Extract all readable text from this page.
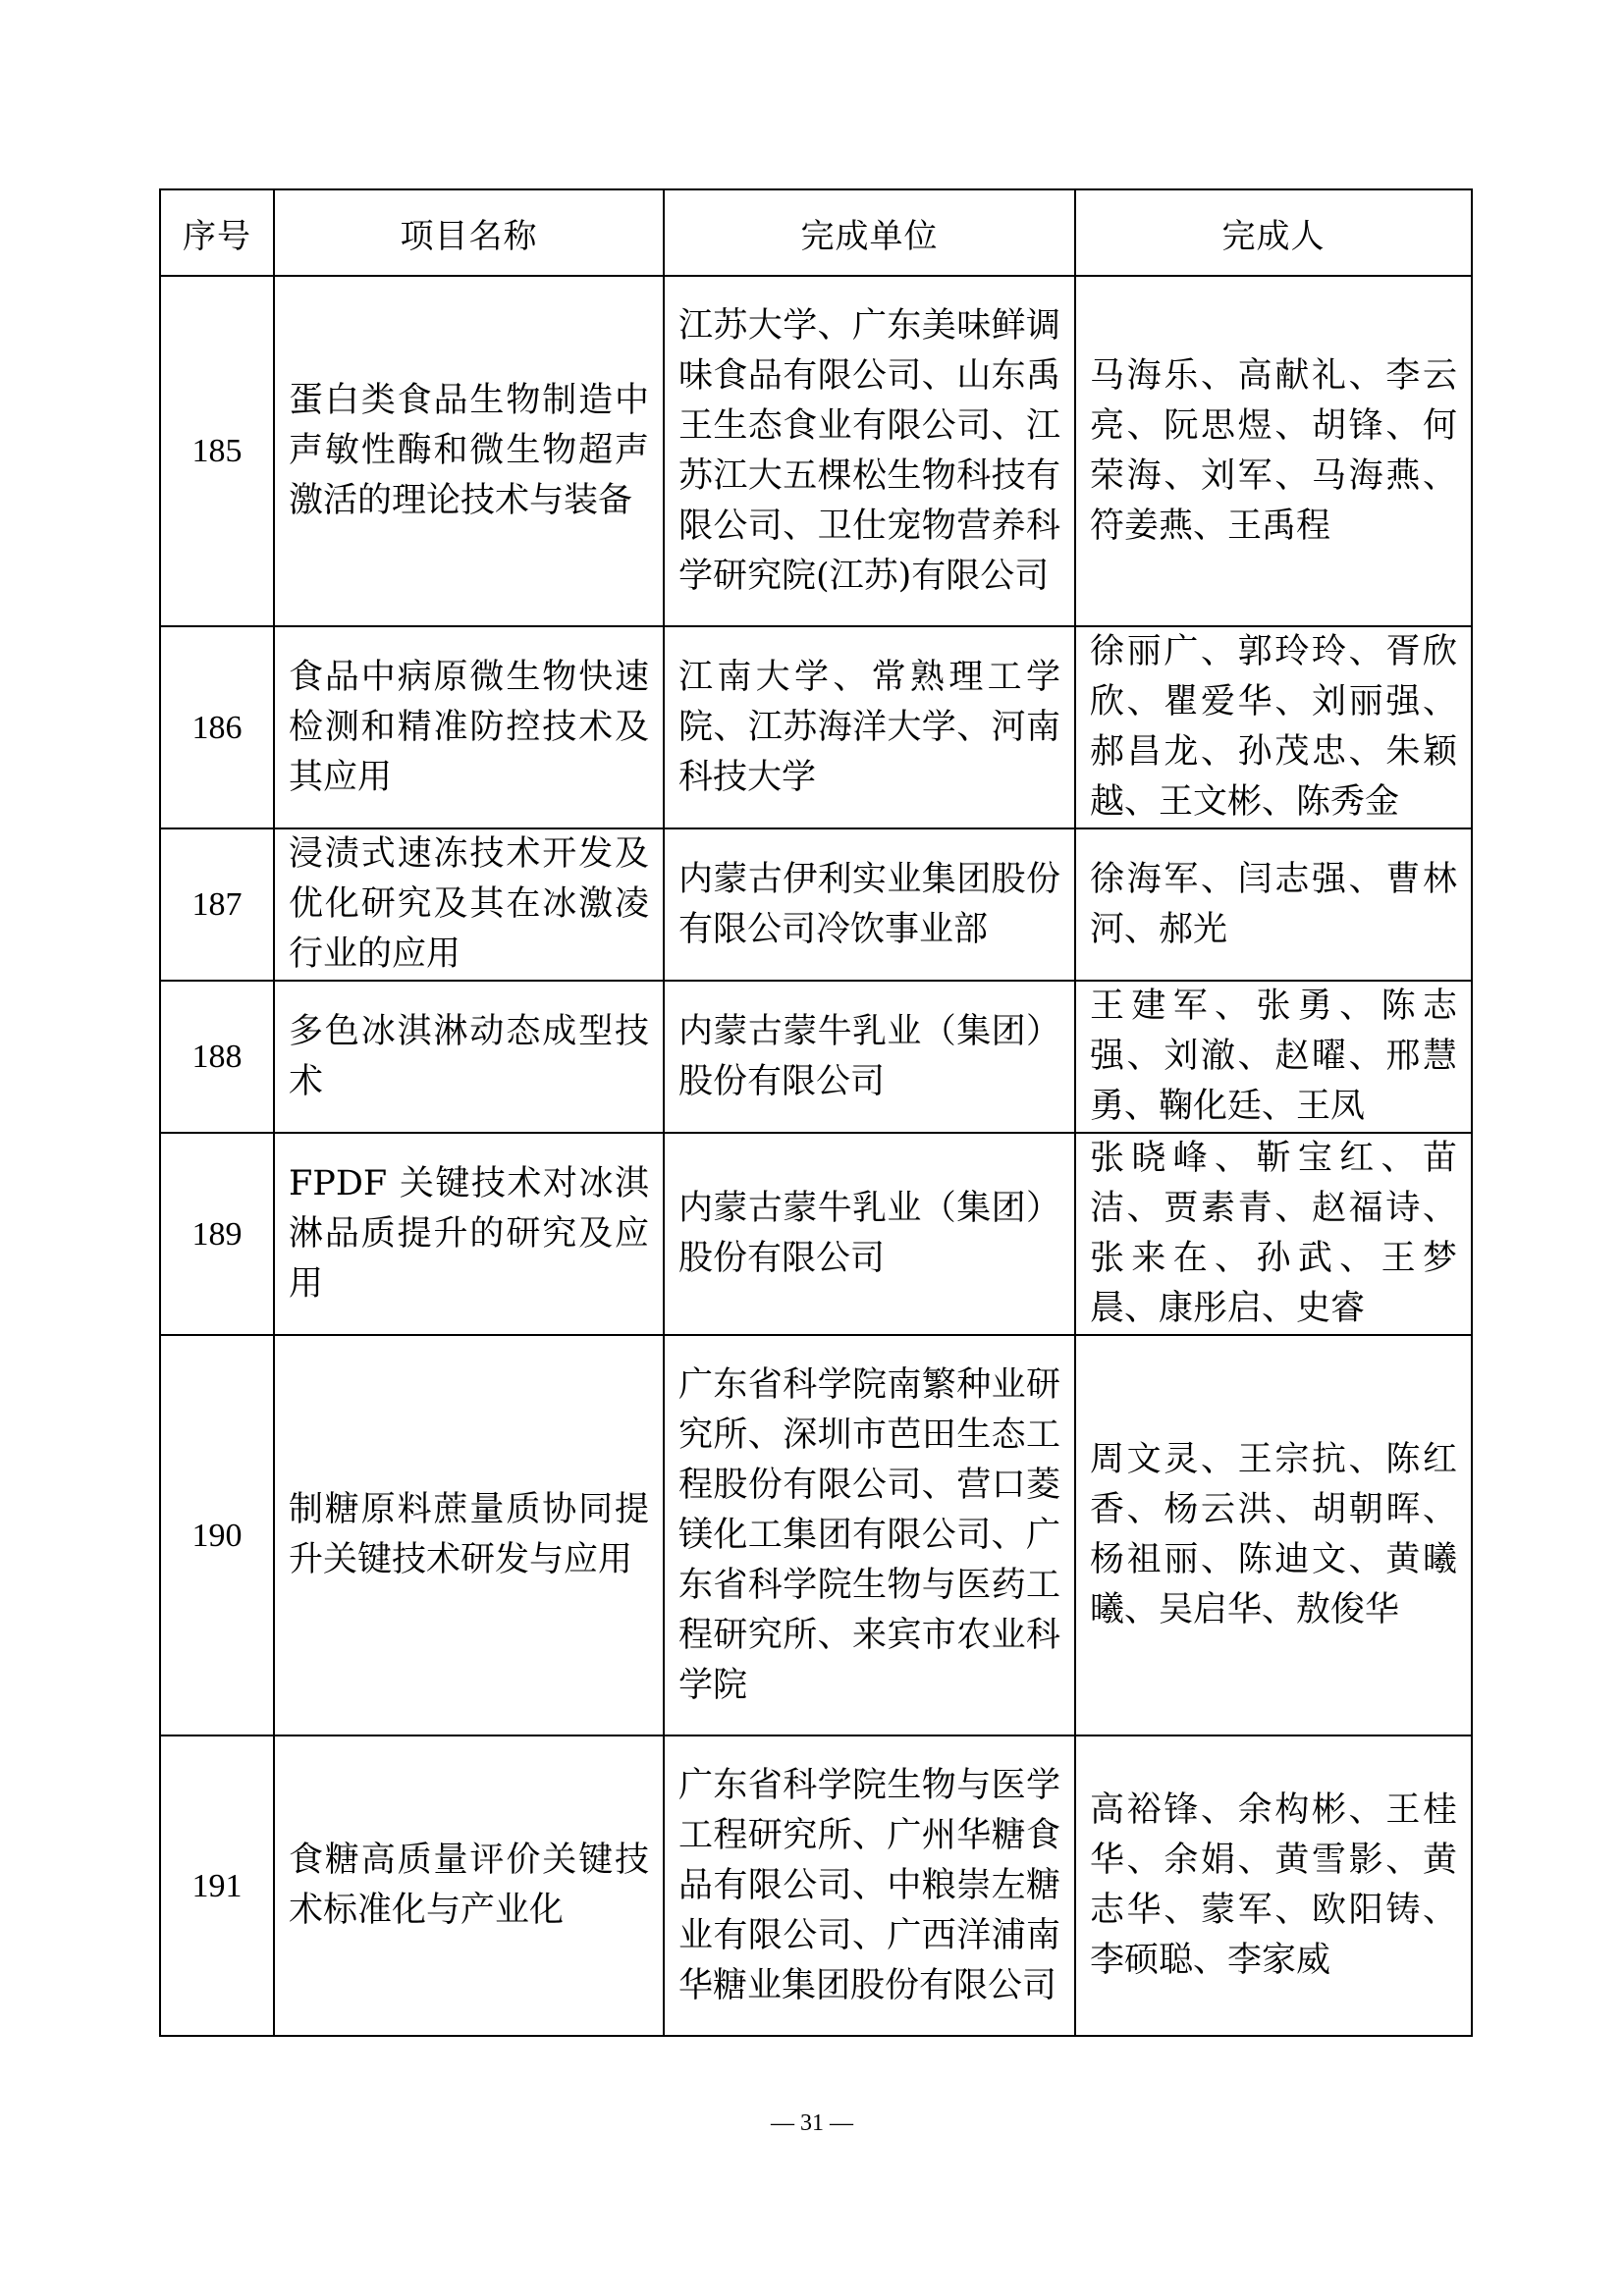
序号	项目名称	完成单位	完成人
185	蛋白类食品生物制造中声敏性酶和微生物超声激活的理论技术与装备	江苏大学、广东美味鲜调味食品有限公司、山东禹王生态食业有限公司、江苏江大五棵松生物科技有限公司、卫仕宠物营养科学研究院(江苏)有限公司	马海乐、高献礼、李云亮、阮思煜、胡锋、何荣海、刘军、马海燕、符姜燕、王禹程
186	食品中病原微生物快速检测和精准防控技术及其应用	江南大学、常熟理工学院、江苏海洋大学、河南科技大学	徐丽广、郭玲玲、胥欣欣、瞿爱华、刘丽强、郝昌龙、孙茂忠、朱颖越、王文彬、陈秀金
187	浸渍式速冻技术开发及优化研究及其在冰激凌行业的应用	内蒙古伊利实业集团股份有限公司冷饮事业部	徐海军、闫志强、曹林河、郝光
188	多色冰淇淋动态成型技术	内蒙古蒙牛乳业（集团）股份有限公司	王建军、张勇、陈志强、刘澈、赵曜、邢慧勇、鞠化廷、王凤
189	FPDF 关键技术对冰淇淋品质提升的研究及应用	内蒙古蒙牛乳业（集团）股份有限公司	张晓峰、靳宝红、苗洁、贾素青、赵福诗、张来在、孙武、王梦晨、康彤启、史睿
190	制糖原料蔗量质协同提升关键技术研发与应用	广东省科学院南繁种业研究所、深圳市芭田生态工程股份有限公司、营口菱镁化工集团有限公司、广东省科学院生物与医药工程研究所、来宾市农业科学院	周文灵、王宗抗、陈红香、杨云洪、胡朝晖、杨祖丽、陈迪文、黄曦曦、吴启华、敖俊华
191	食糖高质量评价关键技术标准化与产业化	广东省科学院生物与医学工程研究所、广州华糖食品有限公司、中粮崇左糖业有限公司、广西洋浦南华糖业集团股份有限公司	高裕锋、余构彬、王桂华、余娟、黄雪影、黄志华、蒙军、欧阳铸、李硕聪、李家威
— 31 —
